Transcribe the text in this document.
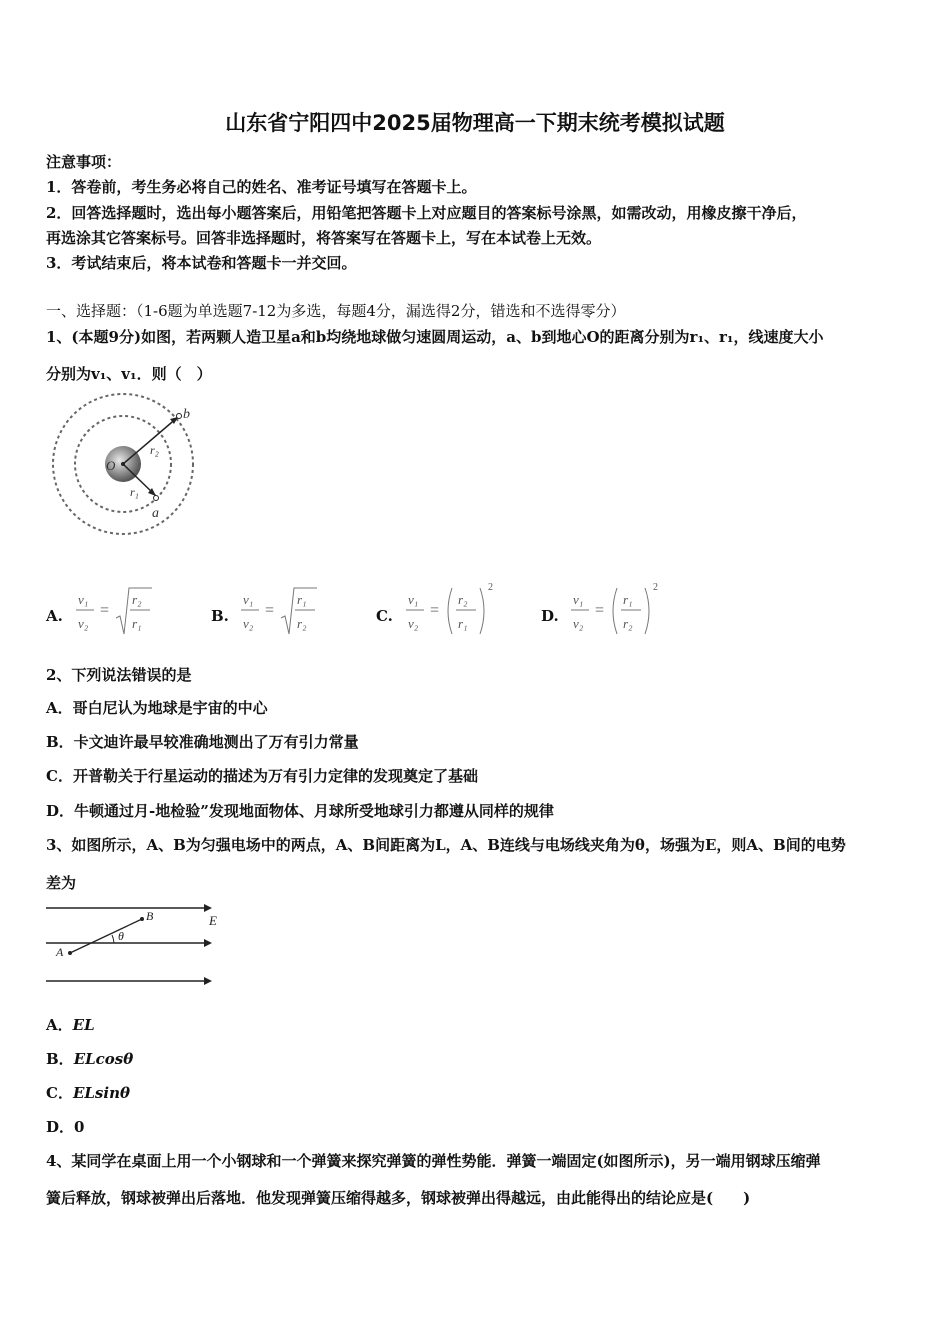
山东省宁阳四中2025届物理高一下期末统考模拟试题
注意事项：
1．答卷前，考生务必将自己的姓名、准考证号填写在答题卡上。
2．回答选择题时，选出每小题答案后，用铅笔把答题卡上对应题目的答案标号涂黑，如需改动，用橡皮擦干净后，
再选涂其它答案标号。回答非选择题时，将答案写在答题卡上，写在本试卷上无效。
3．考试结束后，将本试卷和答题卡一并交回。
一、选择题：（1-6题为单选题7-12为多选，每题4分，漏选得2分，错选和不选得零分）
1、(本题9分)如图，若两颗人造卫星a和b均绕地球做匀速圆周运动，a、b到地心O的距离分别为r₁、r₁，线速度大小
分别为v₁、v₁．则（　）
b
a
O
r₂
r₁
A.
v₁
v₂
=
r₂
r₁	B.
v₁
v₂
=
r₁
r₂	C.
v₁
v₂
=
r₂
r₁
2
D.
v₁
v₂
=
r₁
r₂
2
2、下列说法错误的是
A．哥白尼认为地球是宇宙的中心
B．卡文迪许最早较准确地测出了万有引力常量
C．开普勒关于行星运动的描述为万有引力定律的发现奠定了基础
D．牛顿通过月-地检验”发现地面物体、月球所受地球引力都遵从同样的规律
3、如图所示，A、B为匀强电场中的两点，A、B间距离为L，A、B连线与电场线夹角为θ，场强为E，则A、B间的电势
差为
A
B	E
θ
A．EL
B．ELcosθ
C．ELsinθ
D．0
4、某同学在桌面上用一个小钢球和一个弹簧来探究弹簧的弹性势能．弹簧一端固定(如图所示)，另一端用钢球压缩弹
簧后释放，钢球被弹出后落地．他发现弹簧压缩得越多，钢球被弹出得越远，由此能得出的结论应是(　　)
